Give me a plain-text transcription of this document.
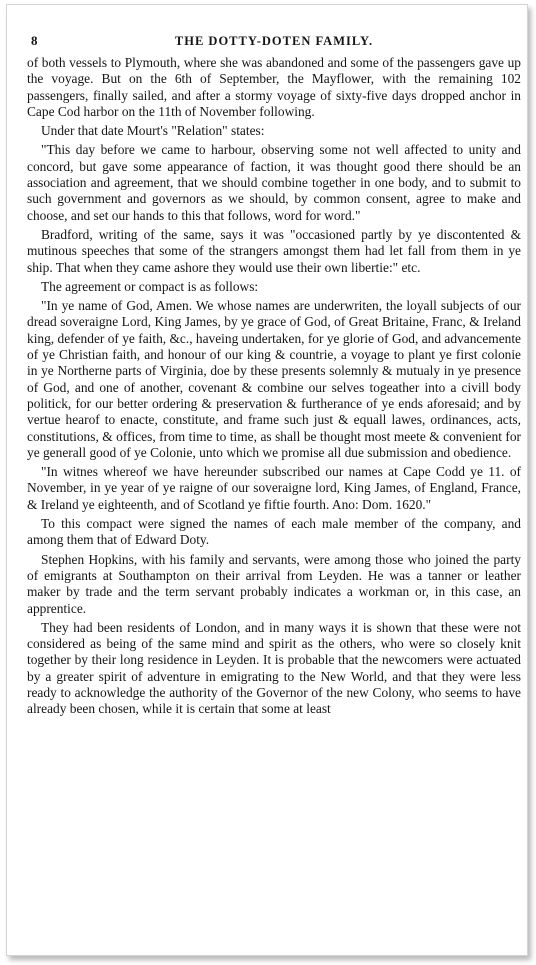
8	THE DOTTY-DOTEN FAMILY.

of both vessels to Plymouth, where she was abandoned and some of the passengers gave up the voyage. But on the 6th of September, the Mayflower, with the remaining 102 passengers, finally sailed, and after a stormy voyage of sixty-five days dropped anchor in Cape Cod harbor on the 11th of November following.

Under that date Mourt's "Relation" states:

"This day before we came to harbour, observing some not well affected to unity and concord, but gave some appearance of faction, it was thought good there should be an association and agreement, that we should combine together in one body, and to submit to such government and governors as we should, by common consent, agree to make and choose, and set our hands to this that follows, word for word."

Bradford, writing of the same, says it was "occasioned partly by ye discontented & mutinous speeches that some of the strangers amongst them had let fall from them in ye ship. That when they came ashore they would use their own libertie:" etc.

The agreement or compact is as follows:

"In ye name of God, Amen. We whose names are underwriten, the loyall subjects of our dread soveraigne Lord, King James, by ye grace of God, of Great Britaine, Franc, & Ireland king, defender of ye faith, &c., haveing undertaken, for ye glorie of God, and advancemente of ye Christian faith, and honour of our king & countrie, a voyage to plant ye first colonie in ye Northerne parts of Virginia, doe by these presents solemnly & mutualy in ye presence of God, and one of another, covenant & combine our selves togeather into a civill body politick, for our better ordering & preservation & furtherance of ye ends aforesaid; and by vertue hearof to enacte, constitute, and frame such just & equall lawes, ordinances, acts, constitutions, & offices, from time to time, as shall be thought most meete & convenient for ye generall good of ye Colonie, unto which we promise all due submission and obedience.

"In witnes whereof we have hereunder subscribed our names at Cape Codd ye 11. of November, in ye year of ye raigne of our soveraigne lord, King James, of England, France, & Ireland ye eighteenth, and of Scotland ye fiftie fourth. Ano: Dom. 1620."

To this compact were signed the names of each male member of the company, and among them that of Edward Doty.

Stephen Hopkins, with his family and servants, were among those who joined the party of emigrants at Southampton on their arrival from Leyden. He was a tanner or leather maker by trade and the term servant probably indicates a workman or, in this case, an apprentice.

They had been residents of London, and in many ways it is shown that these were not considered as being of the same mind and spirit as the others, who were so closely knit together by their long residence in Leyden. It is probable that the newcomers were actuated by a greater spirit of adventure in emigrating to the New World, and that they were less ready to acknowledge the authority of the Governor of the new Colony, who seems to have already been chosen, while it is certain that some at least
